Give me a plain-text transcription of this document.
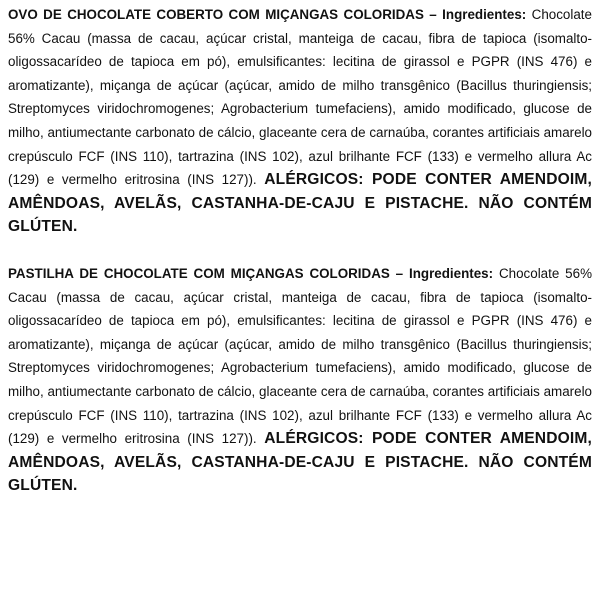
OVO DE CHOCOLATE COBERTO COM MIÇANGAS COLORIDAS – Ingredientes: Chocolate 56% Cacau (massa de cacau, açúcar cristal, manteiga de cacau, fibra de tapioca (isomalto-oligossacarídeo de tapioca em pó), emulsificantes: lecitina de girassol e PGPR (INS 476) e aromatizante), miçanga de açúcar (açúcar, amido de milho transgênico (Bacillus thuringiensis; Streptomyces viridochromogenes; Agrobacterium tumefaciens), amido modificado, glucose de milho, antiumectante carbonato de cálcio, glaceante cera de carnaúba, corantes artificiais amarelo crepúsculo FCF (INS 110), tartrazina (INS 102), azul brilhante FCF (133) e vermelho allura Ac (129) e vermelho eritrosina (INS 127)). ALÉRGICOS: PODE CONTER AMENDOIM, AMÊNDOAS, AVELÃS, CASTANHA-DE-CAJU E PISTACHE. NÃO CONTÉM GLÚTEN.

PASTILHA DE CHOCOLATE COM MIÇANGAS COLORIDAS – Ingredientes: Chocolate 56% Cacau (massa de cacau, açúcar cristal, manteiga de cacau, fibra de tapioca (isomalto-oligossacarídeo de tapioca em pó), emulsificantes: lecitina de girassol e PGPR (INS 476) e aromatizante), miçanga de açúcar (açúcar, amido de milho transgênico (Bacillus thuringiensis; Streptomyces viridochromogenes; Agrobacterium tumefaciens), amido modificado, glucose de milho, antiumectante carbonato de cálcio, glaceante cera de carnaúba, corantes artificiais amarelo crepúsculo FCF (INS 110), tartrazina (INS 102), azul brilhante FCF (133) e vermelho allura Ac (129) e vermelho eritrosina (INS 127)). ALÉRGICOS: PODE CONTER AMENDOIM, AMÊNDOAS, AVELÃS, CASTANHA-DE-CAJU E PISTACHE. NÃO CONTÉM GLÚTEN.
